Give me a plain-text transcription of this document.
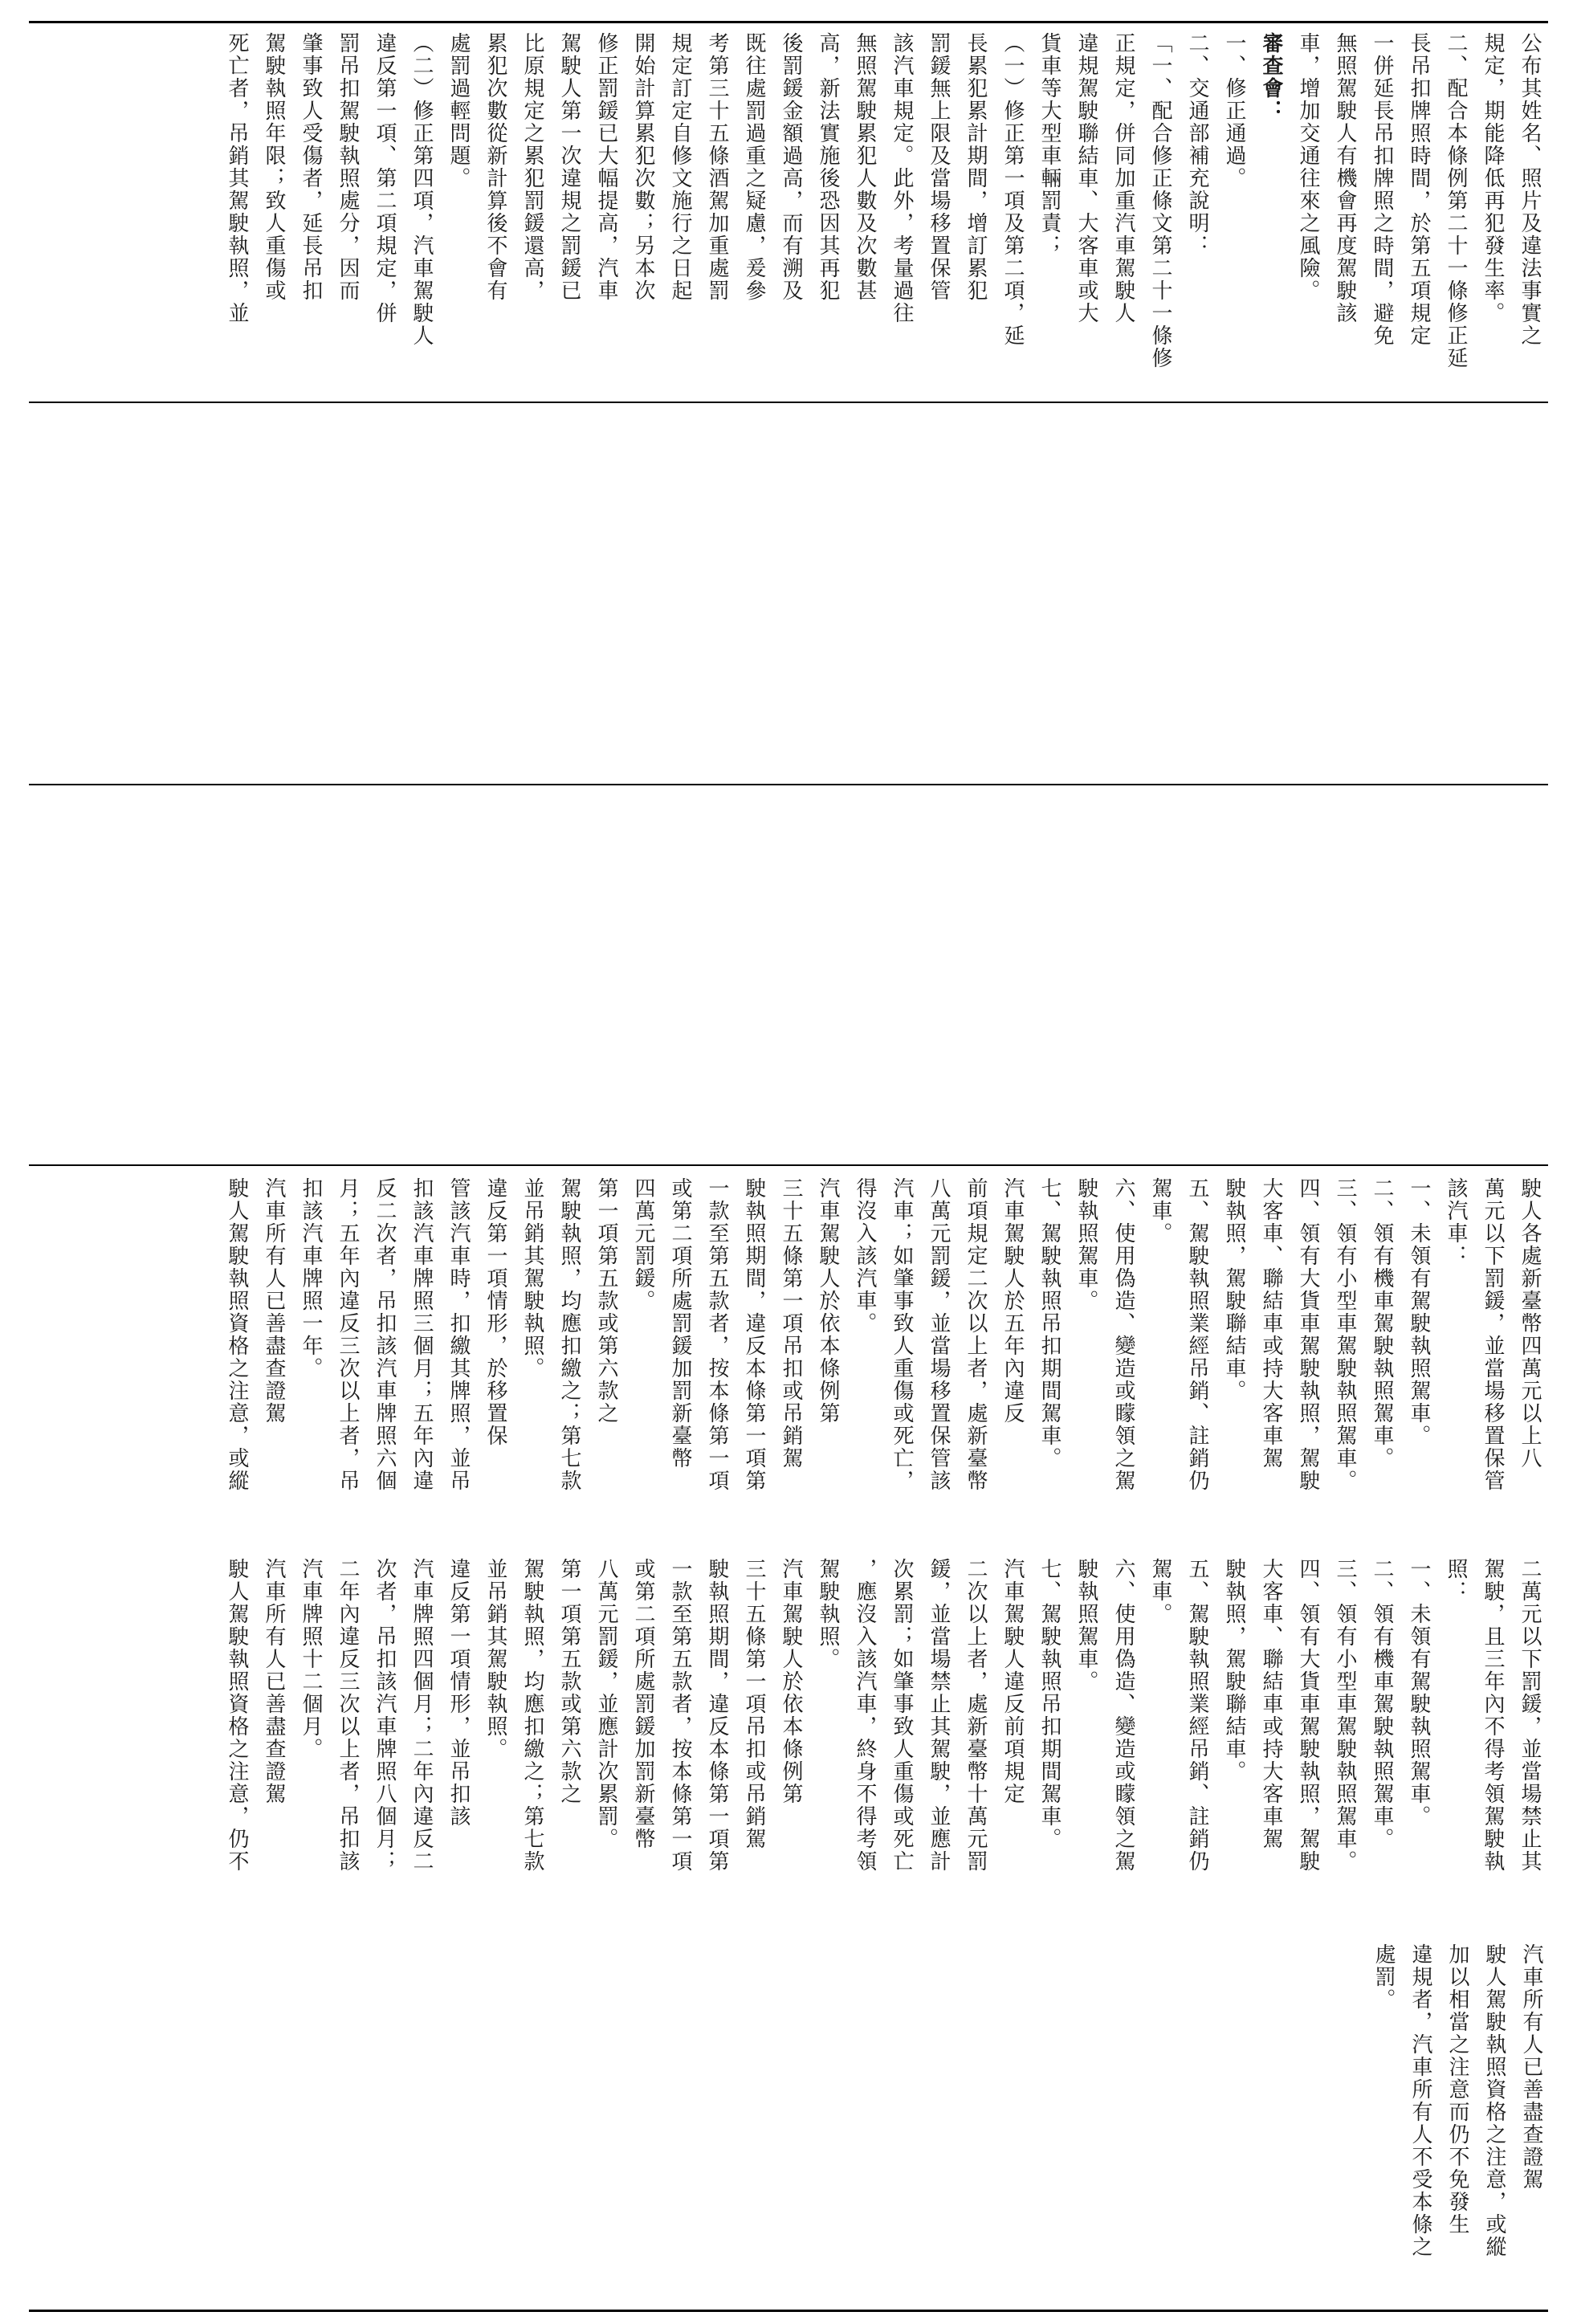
公布其姓名、照片及違法事實之

規定，期能降低再犯發生率。

二、配合本條例第二十一條修正延

長吊扣牌照時間，於第五項規定

一併延長吊扣牌照之時間，避免

無照駕駛人有機會再度駕駛該

車，增加交通往來之風險。

審查會：

一、修正通過。

二、交通部補充說明：

「一、配合修正條文第二十一條修

正規定，併同加重汽車駕駛人

違規駕駛聯結車、大客車或大

貨車等大型車輛罰責；

（一）修正第一項及第二項，延

長累犯累計期間，增訂累犯

罰鍰無上限及當場移置保管

該汽車規定。此外，考量過往

無照駕駛累犯人數及次數甚

高，新法實施後恐因其再犯

後罰鍰金額過高，而有溯及

既往處罰過重之疑慮，爰參

考第三十五條酒駕加重處罰

規定訂定自修文施行之日起

開始計算累犯次數；另本次

修正罰鍰已大幅提高，汽車

駕駛人第一次違規之罰鍰已

比原規定之累犯罰鍰還高，

累犯次數從新計算後不會有

處罰過輕問題。

（二）修正第四項，汽車駕駛人

違反第一項、第二項規定，併

罰吊扣駕駛執照處分，因而

肇事致人受傷者，延長吊扣

駕駛執照年限；致人重傷或

死亡者，吊銷其駕駛執照，並

駛人各處新臺幣四萬元以上八

萬元以下罰鍰，並當場移置保管

該汽車：

一、未領有駕駛執照駕車。

二、領有機車駕駛執照駕車。

三、領有小型車駕駛執照駕車。

四、領有大貨車駕駛執照，駕駛

大客車、聯結車或持大客車駕

駛執照，駕駛聯結車。

五、駕駛執照業經吊銷、註銷仍

駕車。

六、使用偽造、變造或矇領之駕

駛執照駕車。

七、駕駛執照吊扣期間駕車。

汽車駕駛人於五年內違反

前項規定二次以上者，處新臺幣

八萬元罰鍰，並當場移置保管該

汽車；如肇事致人重傷或死亡，

得沒入該汽車。

汽車駕駛人於依本條例第

三十五條第一項吊扣或吊銷駕

駛執照期間，違反本條第一項第

一款至第五款者，按本條第一項

或第二項所處罰鍰加罰新臺幣

四萬元罰鍰。

第一項第五款或第六款之

駕駛執照，均應扣繳之；第七款

並吊銷其駕駛執照。

違反第一項情形，於移置保

管該汽車時，扣繳其牌照，並吊

扣該汽車牌照三個月；五年內違

反二次者，吊扣該汽車牌照六個

月；五年內違反三次以上者，吊

扣該汽車牌照一年。

汽車所有人已善盡查證駕

駛人駕駛執照資格之注意，或縱

二萬元以下罰鍰，並當場禁止其

駕駛，且三年內不得考領駕駛執

照：

一、未領有駕駛執照駕車。

二、領有機車駕駛執照駕車。

三、領有小型車駕駛執照駕車。

四、領有大貨車駕駛執照，駕駛

大客車、聯結車或持大客車駕

駛執照，駕駛聯結車。

五、駕駛執照業經吊銷、註銷仍

駕車。

六、使用偽造、變造或矇領之駕

駛執照駕車。

七、駕駛執照吊扣期間駕車。

汽車駕駛人違反前項規定

二次以上者，處新臺幣十萬元罰

鍰，並當場禁止其駕駛，並應計

次累罰；如肇事致人重傷或死亡

，應沒入該汽車，終身不得考領

駕駛執照。

汽車駕駛人於依本條例第

三十五條第一項吊扣或吊銷駕

駛執照期間，違反本條第一項第

一款至第五款者，按本條第一項

或第二項所處罰鍰加罰新臺幣

八萬元罰鍰，並應計次累罰。

第一項第五款或第六款之

駕駛執照，均應扣繳之；第七款

並吊銷其駕駛執照。

違反第一項情形，並吊扣該

汽車牌照四個月；二年內違反二

次者，吊扣該汽車牌照八個月；

二年內違反三次以上者，吊扣該

汽車牌照十二個月。

汽車所有人已善盡查證駕

駛人駕駛執照資格之注意，仍不

汽車所有人已善盡查證駕

駛人駕駛執照資格之注意，或縱

加以相當之注意而仍不免發生

違規者，汽車所有人不受本條之

處罰。
